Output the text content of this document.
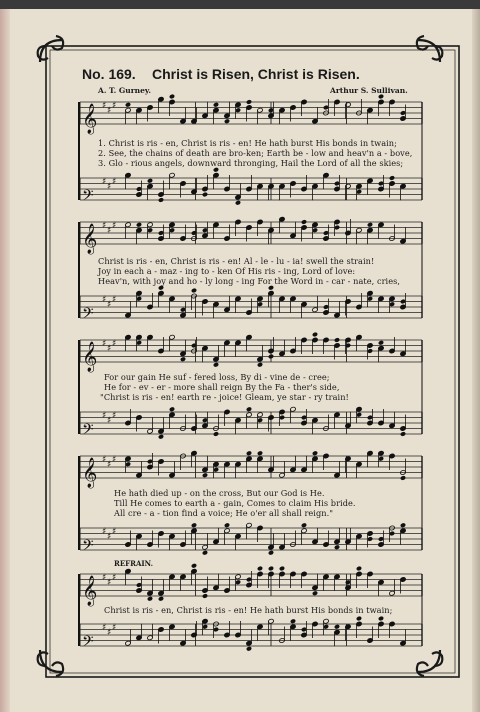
𝄞 ♯ ♯ ♯
𝄢
♯ ♯ ♯
𝄞 ♯ ♯ ♯
𝄢
♯ ♯ ♯
𝄞 ♯ ♯ ♯
𝄢
♯ ♯ ♯
𝄞 ♯ ♯ ♯
𝄢
♯ ♯ ♯
𝄞 ♯ ♯ ♯
𝄢
♯ ♯ ♯
No. 169. Christ is Risen, Christ is Risen.
A. T. Gurney.	Arthur S. Sullivan.
1. Christ is ris - en, Christ is ris - en! He hath burst His bonds in twain;
2. See, the chains of death are bro-ken; Earth be - low and heav'n a - bove,
3. Glo - rious angels, downward thronging, Hail the Lord of all the skies;
Christ is ris - en, Christ is ris - en! Al - le - lu - ia! swell the strain!
Joy in each a - maz - ing to - ken Of His ris - ing, Lord of love:
Heav'n, with joy and ho - ly long - ing For the Word in - car - nate, cries,
For our gain He suf - fered loss, By di - vine de - cree;
He for - ev - er - more shall reign By the Fa - ther's side,
"Christ is ris - en! earth re - joice! Gleam, ye star - ry train!
He hath died up - on the cross, But our God is He.
Till He comes to earth a - gain, Comes to claim His bride.
All cre - a - tion find a voice; He o'er all shall reign."
REFRAIN.
Christ is ris - en, Christ is ris - en! He hath burst His bonds in twain;
